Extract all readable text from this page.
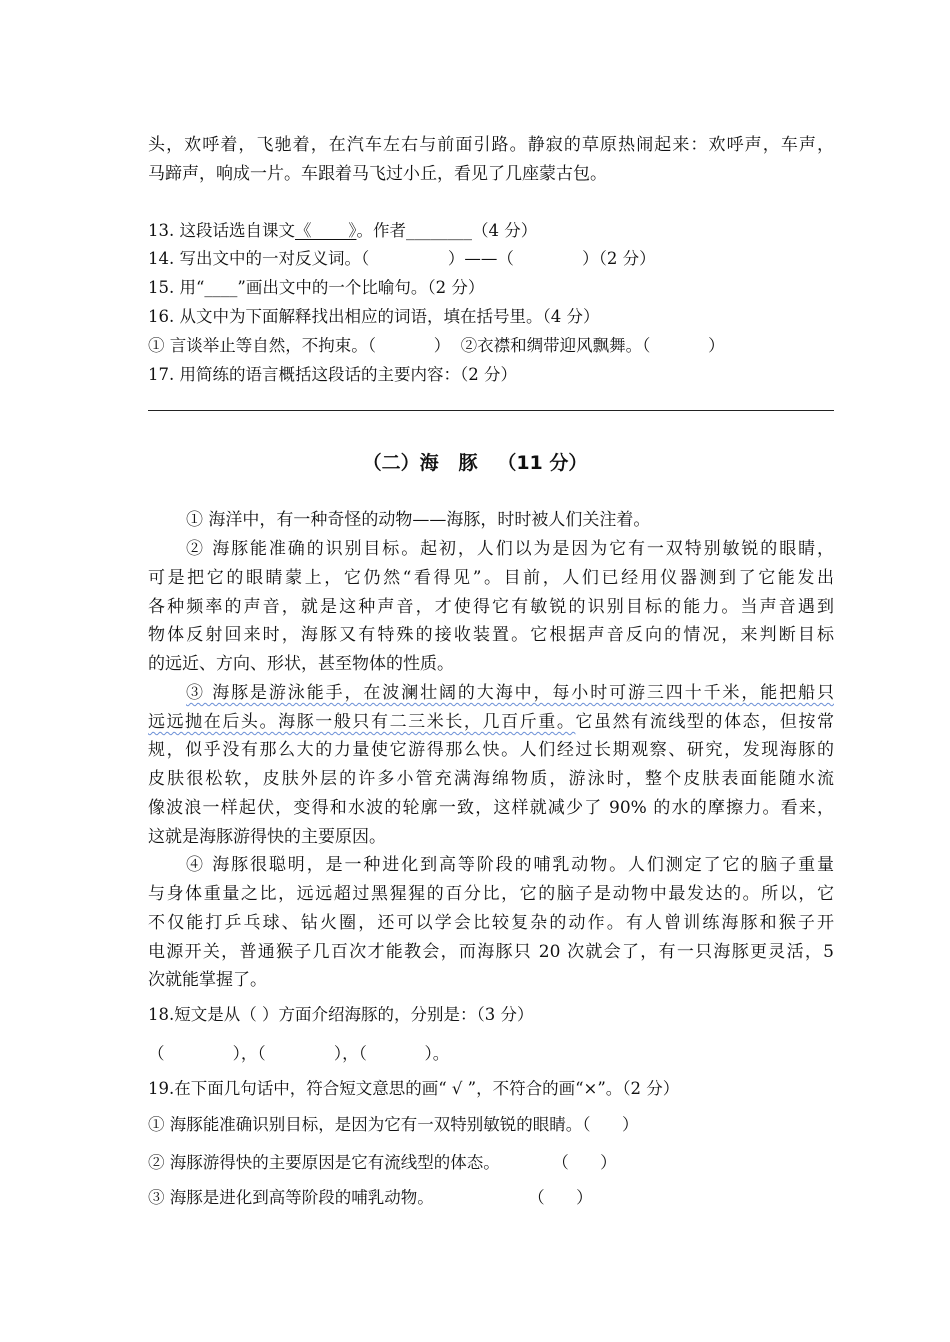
头，欢呼着，飞驰着，在汽车左右与前面引路。静寂的草原热闹起来：欢呼声，车声，
马蹄声，响成一片。车跟着马飞过小丘，看见了几座蒙古包。
13. 这段话选自课文《       》。作者________（4 分）
14. 写出文中的一对反义词。（               ）——（             ）（2 分）
15. 用“____”画出文中的一个比喻句。（2 分）
16. 从文中为下面解释找出相应的词语，填在括号里。（4 分）
① 言谈举止等自然，不拘束。（           ）  ②衣襟和绸带迎风飘舞。（           ）
17. 用简练的语言概括这段话的主要内容：（2 分）
（二）海   豚   （11 分）
① 海洋中，有一种奇怪的动物——海豚，时时被人们关注着。
② 海豚能准确的识别目标。起初，人们以为是因为它有一双特别敏锐的眼睛，
可是把它的眼睛蒙上，它仍然“看得见”。目前，人们已经用仪器测到了它能发出
各种频率的声音，就是这种声音，才使得它有敏锐的识别目标的能力。当声音遇到
物体反射回来时，海豚又有特殊的接收装置。它根据声音反向的情况，来判断目标
的远近、方向、形状，甚至物体的性质。
③ 海豚是游泳能手，在波澜壮阔的大海中，每小时可游三四十千米，能把船只
远远抛在后头。海豚一般只有二三米长，几百斤重。它虽然有流线型的体态，但按常
规，似乎没有那么大的力量使它游得那么快。人们经过长期观察、研究，发现海豚的
皮肤很松软，皮肤外层的许多小管充满海绵物质，游泳时，整个皮肤表面能随水流
像波浪一样起伏，变得和水波的轮廓一致，这样就减少了 90% 的水的摩擦力。看来，
这就是海豚游得快的主要原因。
④ 海豚很聪明，是一种进化到高等阶段的哺乳动物。人们测定了它的脑子重量
与身体重量之比，远远超过黑猩猩的百分比，它的脑子是动物中最发达的。所以，它
不仅能打乒乓球、钻火圈，还可以学会比较复杂的动作。有人曾训练海豚和猴子开
电源开关，普通猴子几百次才能教会，而海豚只 20 次就会了，有一只海豚更灵活，5
次就能掌握了。
18.短文是从（ ）方面介绍海豚的，分别是：（3 分）
（             ），（             ），（           ）。
19.在下面几句话中，符合短文意思的画“ √ ”，不符合的画“×”。（2 分）
① 海豚能准确识别目标，是因为它有一双特别敏锐的眼睛。（      ）
② 海豚游得快的主要原因是它有流线型的体态。          （      ）
③ 海豚是进化到高等阶段的哺乳动物。                  （      ）
